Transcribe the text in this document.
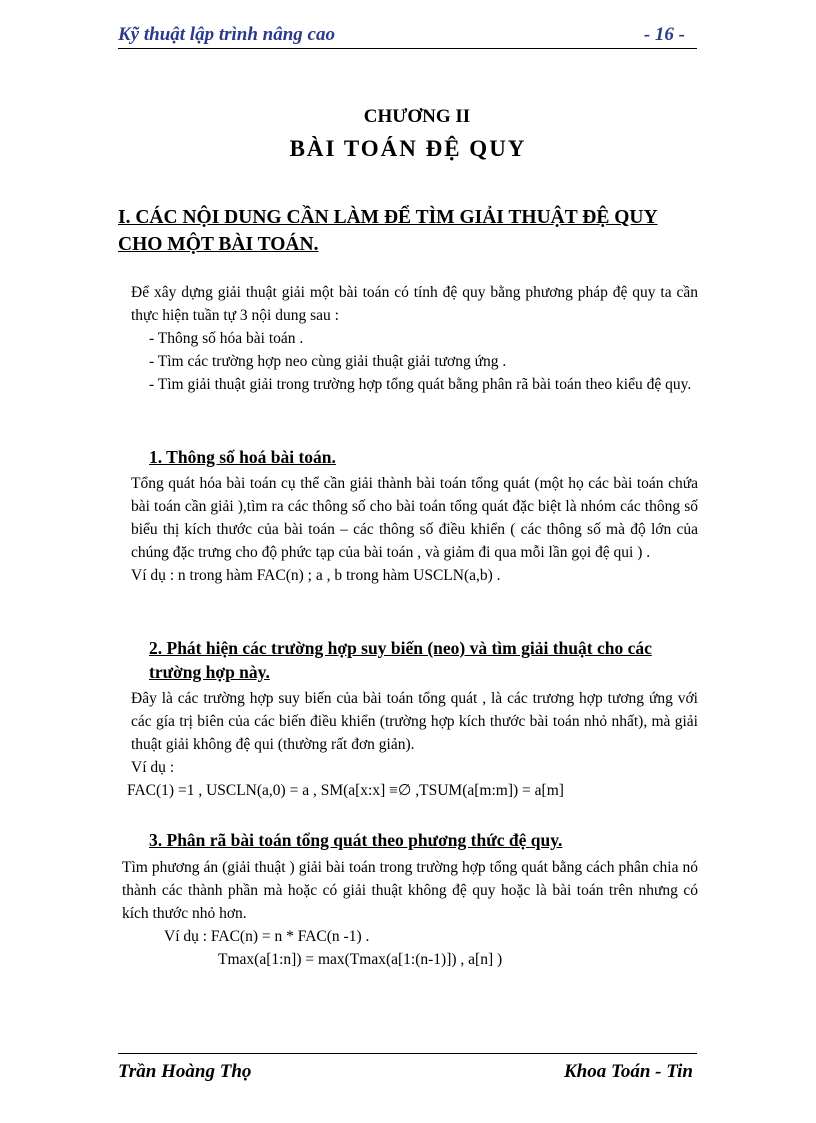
Kỹ thuật lập trình nâng cao	- 16 -
CHƯƠNG II
BÀI TOÁN ĐỆ QUY
I. CÁC NỘI DUNG CẦN LÀM ĐỂ TÌM GIẢI THUẬT ĐỆ QUY CHO MỘT BÀI TOÁN.

Để xây dựng giải thuật giải một bài toán có tính đệ quy bằng phương pháp đệ quy ta cần thực hiện tuần tự 3 nội dung sau :

- Thông số hóa bài toán .

- Tìm các trường hợp neo cùng giải thuật giải tương ứng .

- Tìm giải thuật giải trong trường hợp tổng quát bằng phân rã bài toán theo kiểu đệ quy.

1. Thông số hoá bài toán.

Tổng quát hóa bài toán cụ thể cần giải thành bài toán tổng quát (một họ các bài toán chứa bài toán cần giải ),tìm ra các thông số cho bài toán tổng quát đặc biệt là nhóm các thông số biểu thị kích thước của bài toán – các thông số điều khiển ( các thông số mà độ lớn của chúng đặc trưng cho độ phức tạp của bài toán , và giảm đi qua mỗi lần gọi đệ qui ) .

Ví dụ : n trong hàm FAC(n) ; a , b trong hàm USCLN(a,b) .

2. Phát hiện các trường hợp suy biến (neo) và tìm giải thuật cho các trường hợp này.

Đây là các trường hợp suy biến của bài toán tổng quát , là các trương hợp tương ứng với các gía trị biên của các biến điều khiển (trường hợp kích thước bài toán nhỏ nhất), mà giải thuật giải không đệ qui (thường rất đơn giản).

Ví dụ :

FAC(1) =1 , USCLN(a,0) = a , SM(a[x:x] ≡∅ ,TSUM(a[m:m]) = a[m]

3. Phân rã bài toán tổng quát theo phương thức đệ quy.

Tìm phương án (giải thuật ) giải bài toán trong trường hợp tổng quát bằng cách phân chia nó thành các thành phần mà hoặc có giải thuật không đệ quy hoặc là bài toán trên nhưng có kích thước nhỏ hơn.

Ví dụ : FAC(n) = n * FAC(n -1) .

Tmax(a[1:n]) = max(Tmax(a[1:(n-1)]) , a[n] )

Trần Hoàng Thọ	Khoa Toán - Tin
